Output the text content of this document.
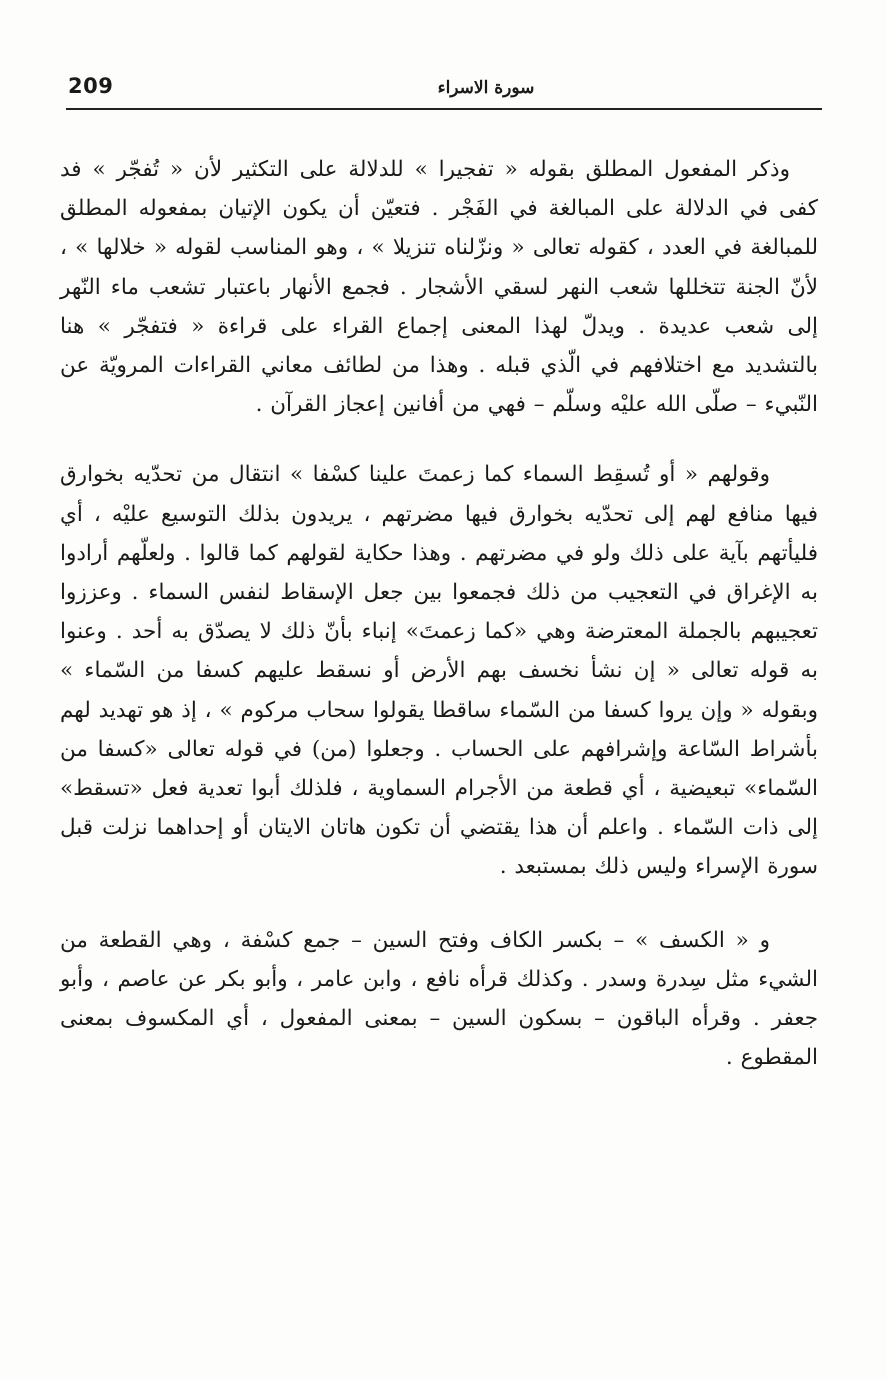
209	سورة الاسراء

وذكر المفعول المطلق بقوله « تفجيرا » للدلالة على التكثير لأن « تُفجّر » فد كفى في الدلالة على المبالغة في الفَجْر . فتعيّن أن يكون الإتيان بمفعوله المطلق للمبالغة في العدد ، كقوله تعالى « ونزّلناه تنزيلا » ، وهو المناسب لقوله « خلالها » ، لأنّ الجنة تتخللها شعب النهر لسقي الأشجار . فجمع الأنهار باعتبار تشعب ماء النّهر إلى شعب عديدة . ويدلّ لهذا المعنى إجماع القراء على قراءة « فتفجّر » هنا بالتشديد مع اختلافهم في الّذي قبله . وهذا من لطائف معاني القراءات المرويّة عن النّبيء – صلّى الله عليْه وسلّم – فهي من أفانين إعجاز القرآن .

وقولهم « أو تُسقِط السماء كما زعمتَ علينا كسْفا » انتقال من تحدّيه بخوارق فيها منافع لهم إلى تحدّيه بخوارق فيها مضرتهم ، يريدون بذلك التوسيع عليْه ، أي فليأتهم بآية على ذلك ولو في مضرتهم . وهذا حكاية لقولهم كما قالوا . ولعلّهم أرادوا به الإغراق في التعجيب من ذلك فجمعوا بين جعل الإسقاط لنفس السماء . وعززوا تعجيبهم بالجملة المعترضة وهي «كما زعمتَ» إنباء بأنّ ذلك لا يصدّق به أحد . وعنوا به قوله تعالى « إن نشأ نخسف بهم الأرض أو نسقط عليهم كسفا من السّماء » وبقوله « وإن يروا كسفا من السّماء ساقطا يقولوا سحاب مركوم » ، إذ هو تهديد لهم بأشراط السّاعة وإشرافهم على الحساب . وجعلوا (من) في قوله تعالى «كسفا من السّماء» تبعيضية ، أي قطعة من الأجرام السماوية ، فلذلك أبوا تعدية فعل «تسقط» إلى ذات السّماء . واعلم أن هذا يقتضي أن تكون هاتان الايتان أو إحداهما نزلت قبل سورة الإسراء وليس ذلك بمستبعد .

و « الكسف » – بكسر الكاف وفتح السين – جمع كسْفة ، وهي القطعة من الشيء مثل سِدرة وسدر . وكذلك قرأه نافع ، وابن عامر ، وأبو بكر عن عاصم ، وأبو جعفر . وقرأه الباقون – بسكون السين – بمعنى المفعول ، أي المكسوف بمعنى المقطوع .
